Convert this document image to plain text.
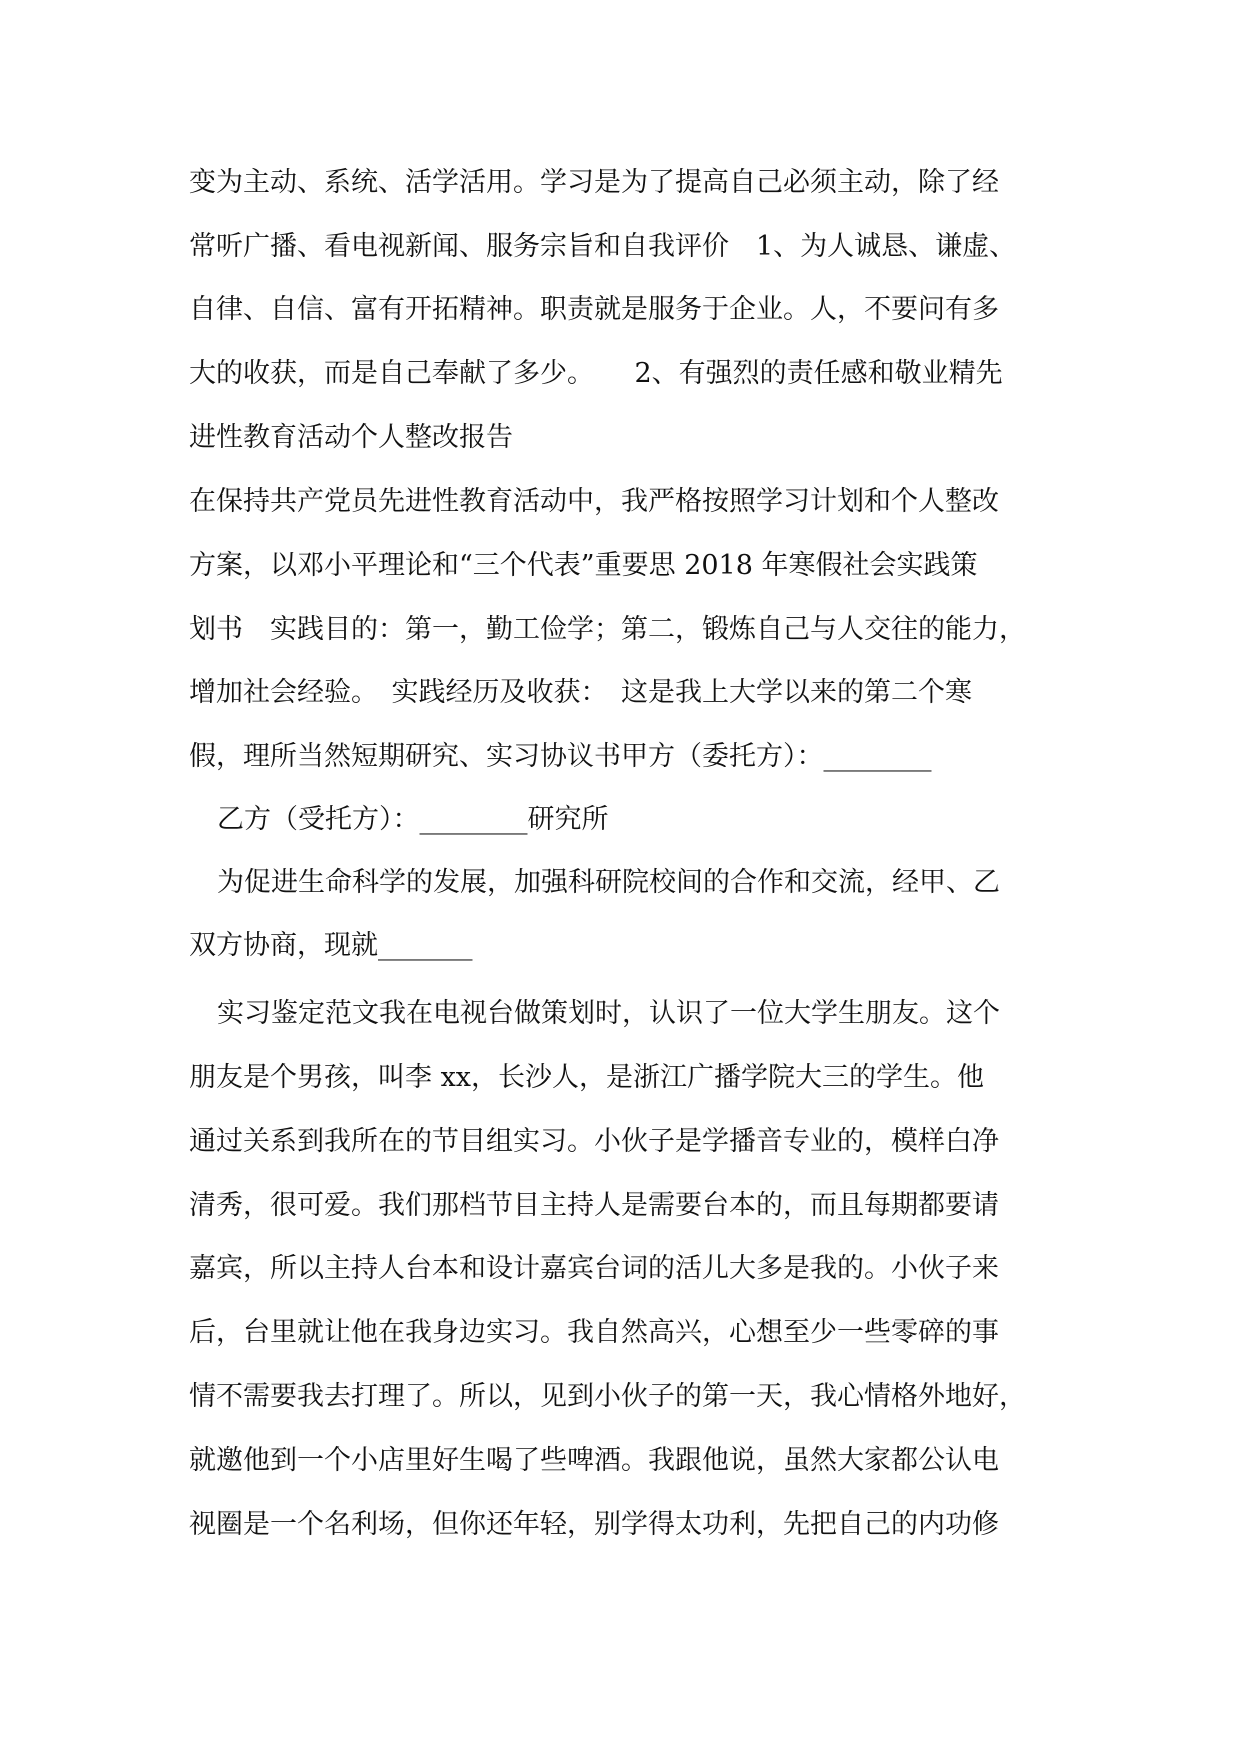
变为主动、系统、活学活用。学习是为了提高自己必须主动，除了经
常听广播、看电视新闻、服务宗旨和自我评价　1、为人诚恳、谦虚、
自律、自信、富有开拓精神。职责就是服务于企业。人，不要问有多
大的收获，而是自己奉献了多少。　　2、有强烈的责任感和敬业精先
进性教育活动个人整改报告
在保持共产党员先进性教育活动中，我严格按照学习计划和个人整改
方案，以邓小平理论和“三个代表”重要思 2018 年寒假社会实践策
划书　实践目的：第一，勤工俭学；第二，锻炼自己与人交往的能力，
增加社会经验。　实践经历及收获：　这是我上大学以来的第二个寒
假，理所当然短期研究、实习协议书甲方（委托方）：________
乙方（受托方）：________研究所
为促进生命科学的发展，加强科研院校间的合作和交流，经甲、乙
双方协商，现就_______
实习鉴定范文我在电视台做策划时，认识了一位大学生朋友。这个
朋友是个男孩，叫李 xx，长沙人，是浙江广播学院大三的学生。他
通过关系到我所在的节目组实习。小伙子是学播音专业的，模样白净
清秀，很可爱。我们那档节目主持人是需要台本的，而且每期都要请
嘉宾，所以主持人台本和设计嘉宾台词的活儿大多是我的。小伙子来
后，台里就让他在我身边实习。我自然高兴，心想至少一些零碎的事
情不需要我去打理了。所以，见到小伙子的第一天，我心情格外地好，
就邀他到一个小店里好生喝了些啤酒。我跟他说，虽然大家都公认电
视圈是一个名利场，但你还年轻，别学得太功利，先把自己的内功修
